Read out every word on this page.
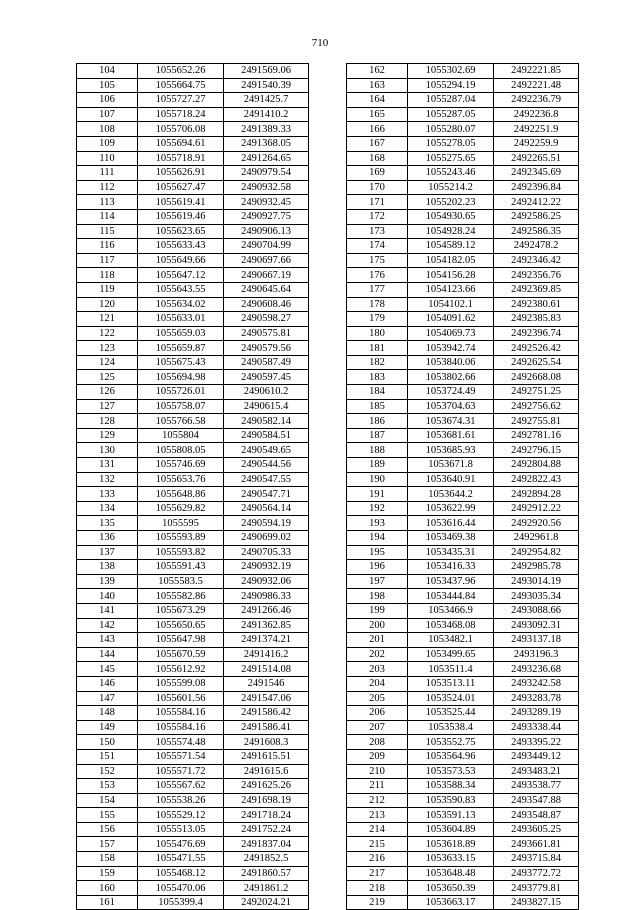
710
104	1055652.26	2491569.06
105	1055664.75	2491540.39
106	1055727.27	2491425.7
107	1055718.24	2491410.2
108	1055706.08	2491389.33
109	1055694.61	2491368.05
110	1055718.91	2491264.65
111	1055626.91	2490979.54
112	1055627.47	2490932.58
113	1055619.41	2490932.45
114	1055619.46	2490927.75
115	1055623.65	2490906.13
116	1055633.43	2490704.99
117	1055649.66	2490697.66
118	1055647.12	2490667.19
119	1055643.55	2490645.64
120	1055634.02	2490608.46
121	1055633.01	2490598.27
122	1055659.03	2490575.81
123	1055659.87	2490579.56
124	1055675.43	2490587.49
125	1055694.98	2490597.45
126	1055726.01	2490610.2
127	1055758.07	2490615.4
128	1055766.58	2490582.14
129	1055804	2490584.51
130	1055808.05	2490549.65
131	1055746.69	2490544.56
132	1055653.76	2490547.55
133	1055648.86	2490547.71
134	1055629.82	2490564.14
135	1055595	2490594.19
136	1055593.89	2490699.02
137	1055593.82	2490705.33
138	1055591.43	2490932.19
139	1055583.5	2490932.06
140	1055582.86	2490986.33
141	1055673.29	2491266.46
142	1055650.65	2491362.85
143	1055647.98	2491374.21
144	1055670.59	2491416.2
145	1055612.92	2491514.08
146	1055599.08	2491546
147	1055601.56	2491547.06
148	1055584.16	2491586.42
149	1055584.16	2491586.41
150	1055574.48	2491608.3
151	1055571.54	2491615.51
152	1055571.72	2491615.6
153	1055567.62	2491625.26
154	1055538.26	2491698.19
155	1055529.12	2491718.24
156	1055513.05	2491752.24
157	1055476.69	2491837.04
158	1055471.55	2491852.5
159	1055468.12	2491860.57
160	1055470.06	2491861.2
161	1055399.4	2492024.21
162	1055302.69	2492221.85
163	1055294.19	2492221.48
164	1055287.04	2492236.79
165	1055287.05	2492236.8
166	1055280.07	2492251.9
167	1055278.05	2492259.9
168	1055275.65	2492265.51
169	1055243.46	2492345.69
170	1055214.2	2492396.84
171	1055202.23	2492412.22
172	1054930.65	2492586.25
173	1054928.24	2492586.35
174	1054589.12	2492478.2
175	1054182.05	2492346.42
176	1054156.28	2492356.76
177	1054123.66	2492369.85
178	1054102.1	2492380.61
179	1054091.62	2492385.83
180	1054069.73	2492396.74
181	1053942.74	2492526.42
182	1053840.06	2492625.54
183	1053802.66	2492668.08
184	1053724.49	2492751.25
185	1053704.63	2492756.62
186	1053674.31	2492755.81
187	1053681.61	2492781.16
188	1053685.93	2492796.15
189	1053671.8	2492804.88
190	1053640.91	2492822.43
191	1053644.2	2492894.28
192	1053622.99	2492912.22
193	1053616.44	2492920.56
194	1053469.38	2492961.8
195	1053435.31	2492954.82
196	1053416.33	2492985.78
197	1053437.96	2493014.19
198	1053444.84	2493035.34
199	1053466.9	2493088.66
200	1053468.08	2493092.31
201	1053482.1	2493137.18
202	1053499.65	2493196.3
203	1053511.4	2493236.68
204	1053513.11	2493242.58
205	1053524.01	2493283.78
206	1053525.44	2493289.19
207	1053538.4	2493338.44
208	1053552.75	2493395.22
209	1053564.96	2493449.12
210	1053573.53	2493483.21
211	1053588.34	2493538.77
212	1053590.83	2493547.88
213	1053591.13	2493548.87
214	1053604.89	2493605.25
215	1053618.89	2493661.81
216	1053633.15	2493715.84
217	1053648.48	2493772.72
218	1053650.39	2493779.81
219	1053663.17	2493827.15
